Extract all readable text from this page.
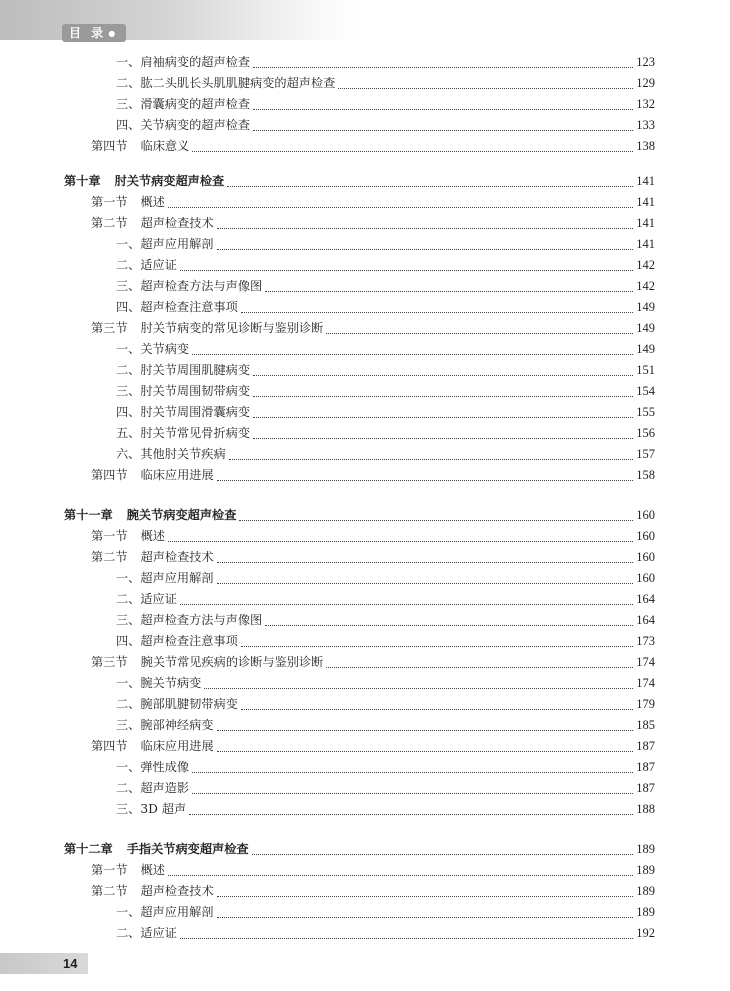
目 录 ●
一、肩袖病变的超声检查	123
二、肱二头肌长头肌肌腱病变的超声检查	129
三、滑囊病变的超声检查	132
四、关节病变的超声检查	133
第四节 临床意义	138
第十章 肘关节病变超声检查	141
第一节 概述	141
第二节 超声检查技术	141
一、超声应用解剖	141
二、适应证	142
三、超声检查方法与声像图	142
四、超声检查注意事项	149
第三节 肘关节病变的常见诊断与鉴别诊断	149
一、关节病变	149
二、肘关节周围肌腱病变	151
三、肘关节周围韧带病变	154
四、肘关节周围滑囊病变	155
五、肘关节常见骨折病变	156
六、其他肘关节疾病	157
第四节 临床应用进展	158
第十一章 腕关节病变超声检查	160
第一节 概述	160
第二节 超声检查技术	160
一、超声应用解剖	160
二、适应证	164
三、超声检查方法与声像图	164
四、超声检查注意事项	173
第三节 腕关节常见疾病的诊断与鉴别诊断	174
一、腕关节病变	174
二、腕部肌腱韧带病变	179
三、腕部神经病变	185
第四节 临床应用进展	187
一、弹性成像	187
二、超声造影	187
三、3D 超声	188
第十二章 手指关节病变超声检查	189
第一节 概述	189
第二节 超声检查技术	189
一、超声应用解剖	189
二、适应证	192
14
